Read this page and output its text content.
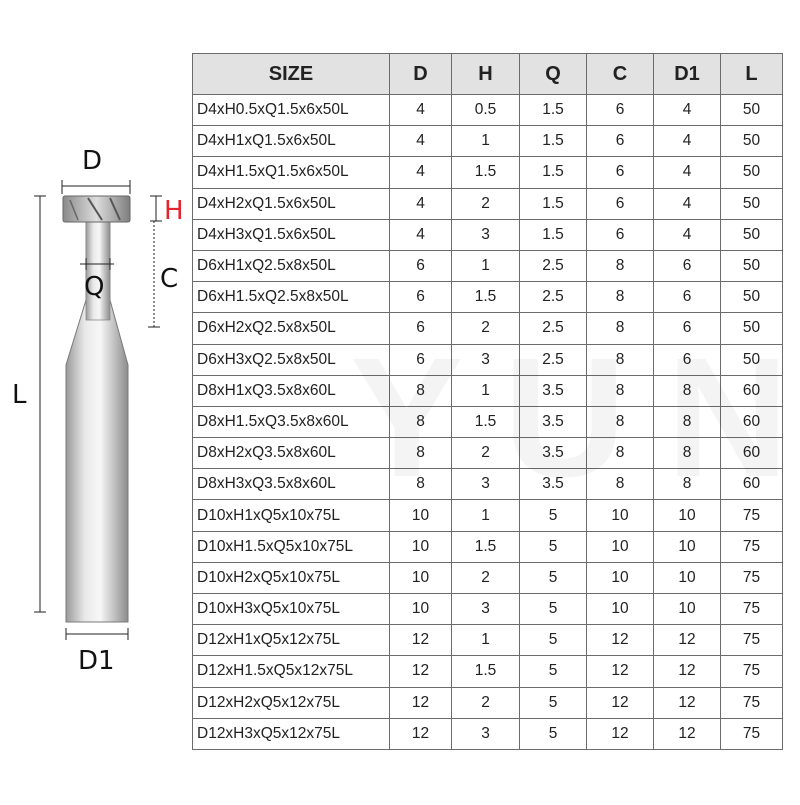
D
H
C
Q
L
D1
SIZE	D	H	Q	C	D1	L
D4xH0.5xQ1.5x6x50L	4	0.5	1.5	6	4	50
D4xH1xQ1.5x6x50L	4	1	1.5	6	4	50
D4xH1.5xQ1.5x6x50L	4	1.5	1.5	6	4	50
D4xH2xQ1.5x6x50L	4	2	1.5	6	4	50
D4xH3xQ1.5x6x50L	4	3	1.5	6	4	50
D6xH1xQ2.5x8x50L	6	1	2.5	8	6	50
D6xH1.5xQ2.5x8x50L	6	1.5	2.5	8	6	50
D6xH2xQ2.5x8x50L	6	2	2.5	8	6	50
D6xH3xQ2.5x8x50L	6	3	2.5	8	6	50
D8xH1xQ3.5x8x60L	8	1	3.5	8	8	60
D8xH1.5xQ3.5x8x60L	8	1.5	3.5	8	8	60
D8xH2xQ3.5x8x60L	8	2	3.5	8	8	60
D8xH3xQ3.5x8x60L	8	3	3.5	8	8	60
D10xH1xQ5x10x75L	10	1	5	10	10	75
D10xH1.5xQ5x10x75L	10	1.5	5	10	10	75
D10xH2xQ5x10x75L	10	2	5	10	10	75
D10xH3xQ5x10x75L	10	3	5	10	10	75
D12xH1xQ5x12x75L	12	1	5	12	12	75
D12xH1.5xQ5x12x75L	12	1.5	5	12	12	75
D12xH2xQ5x12x75L	12	2	5	12	12	75
D12xH3xQ5x12x75L	12	3	5	12	12	75
